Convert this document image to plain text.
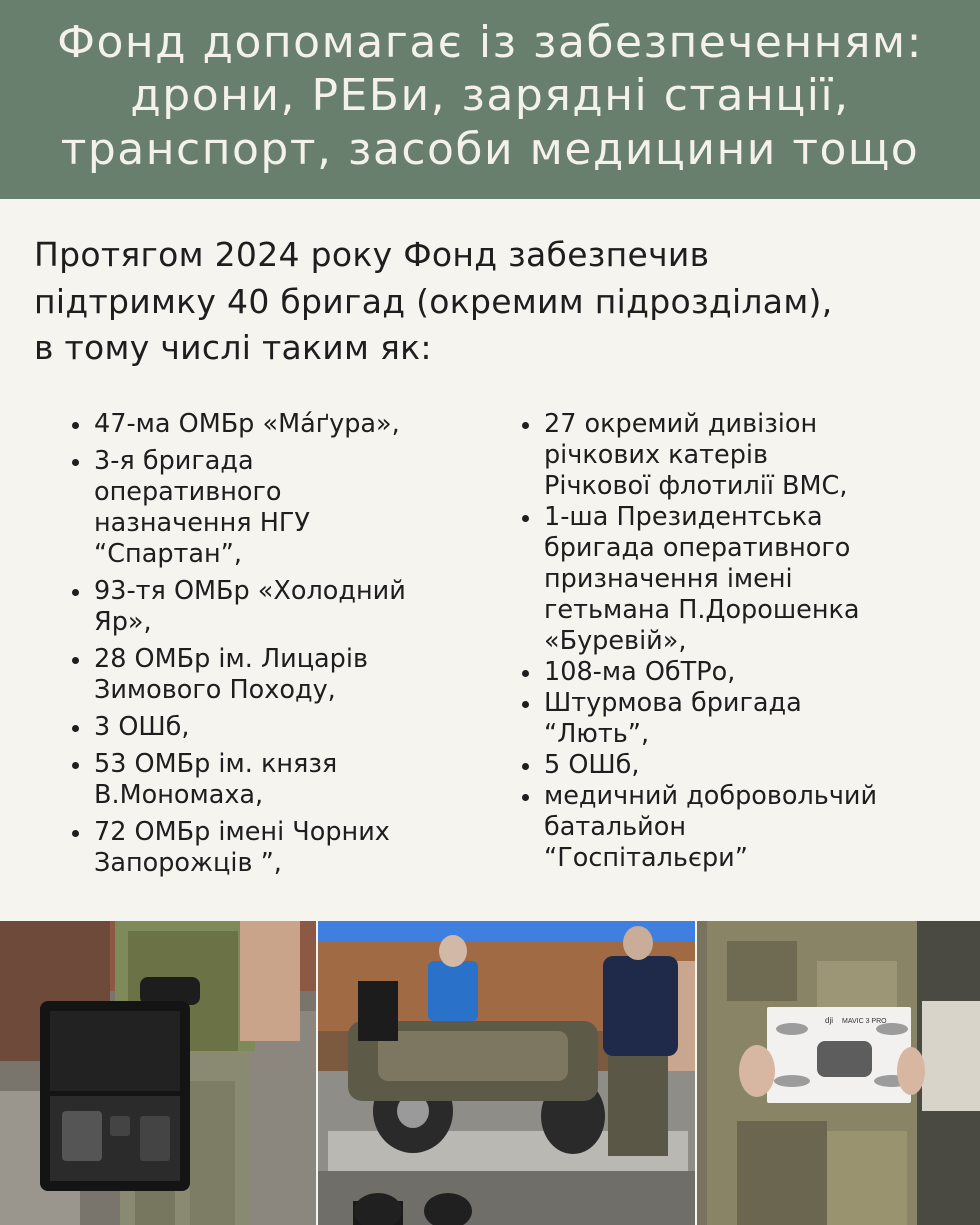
Фонд допомагає із забезпеченням:
дрони, РЕБи, зарядні станції,
транспорт, засоби медицини тощо
Протягом 2024 року Фонд забезпечив
підтримку 40 бригад (окремим підрозділам),
в тому числі таким як:
47-ма ОМБр «Ма́ґура»,
3-я бригада
оперативного
назначення НГУ
“Спартан”,
93-тя ОМБр «Холодний
Яр»,
28 ОМБр ім. Лицарів
Зимового Походу,
3 ОШб,
53 ОМБр ім. князя
В.Мономаха,
72 ОМБр імені Чорних
Запорожців ”,
27 окремий дивізіон
річкових катерів
Річкової флотилії ВМС,
1-ша Президентська
бригада оперативного
призначення імені
гетьмана П.Дорошенка
«Буревій»,
108-ма ОбТРо,
Штурмова бригада
“Лють”,
5 ОШб,
медичний добровольчий
батальйон
“Госпітальєри”
dji MAVIC 3 PRO
